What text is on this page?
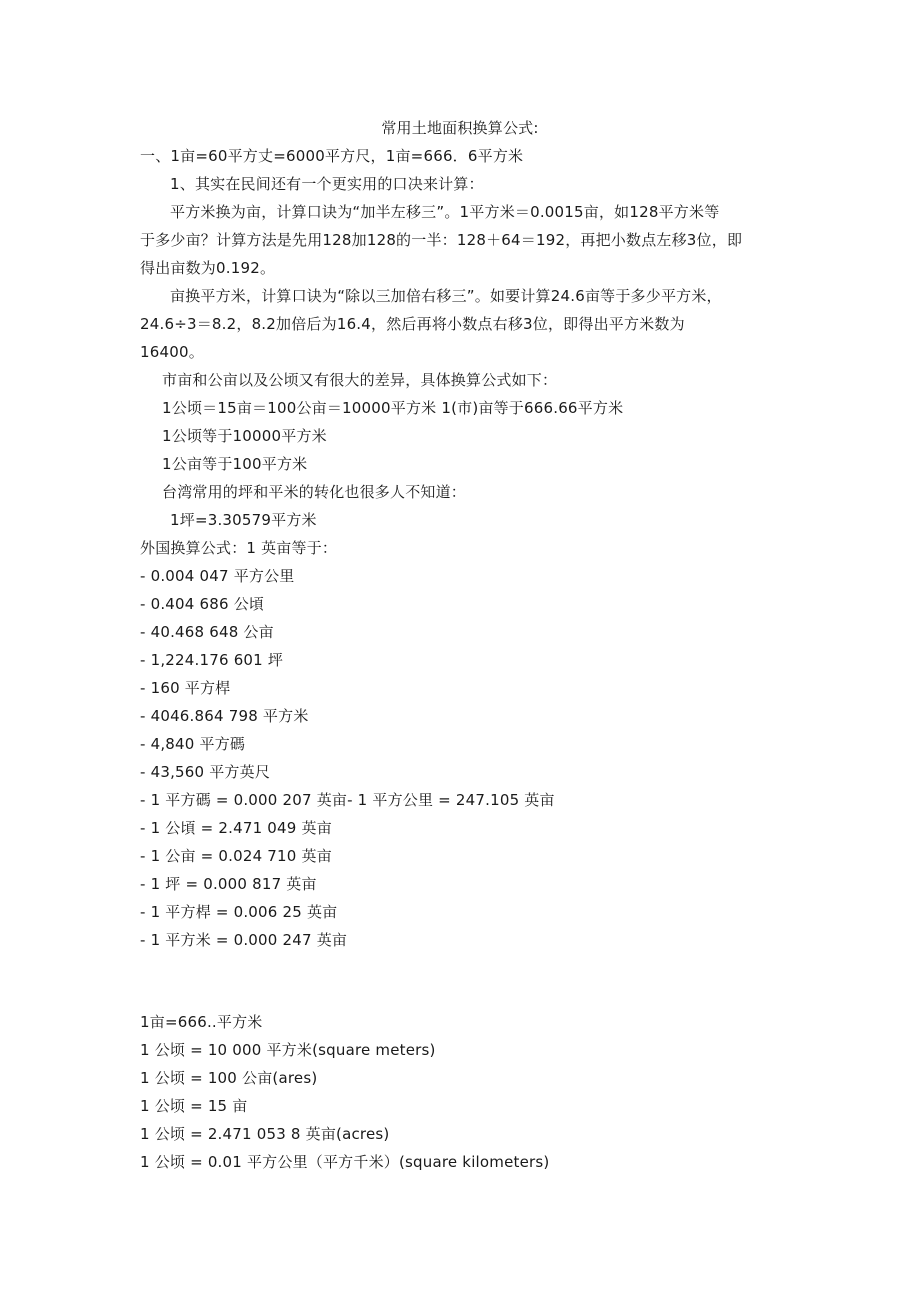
常用土地面积换算公式:
一、1亩=60平方丈=6000平方尺，1亩=666．6平方米
1、其实在民间还有一个更实用的口决来计算：
平方米换为亩，计算口诀为“加半左移三”。1平方米＝0.0015亩，如128平方米等
于多少亩？计算方法是先用128加128的一半：128＋64＝192，再把小数点左移3位，即
得出亩数为0.192。
亩换平方米，计算口诀为“除以三加倍右移三”。如要计算24.6亩等于多少平方米，
24.6÷3＝8.2，8.2加倍后为16.4，然后再将小数点右移3位，即得出平方米数为
16400。
市亩和公亩以及公顷又有很大的差异，具体换算公式如下：
1公顷＝15亩＝100公亩＝10000平方米 1(市)亩等于666.66平方米
1公顷等于10000平方米
1公亩等于100平方米
台湾常用的坪和平米的转化也很多人不知道：
1坪=3.30579平方米
外国换算公式：1 英亩等于：
- 0.004 047 平方公里
- 0.404 686 公頃
- 40.468 648 公亩
- 1,224.176 601 坪
- 160 平方桿
- 4046.864 798 平方米
- 4,840 平方碼
- 43,560 平方英尺
- 1 平方碼 = 0.000 207 英亩- 1 平方公里 = 247.105 英亩
- 1 公頃 = 2.471 049 英亩
- 1 公亩 = 0.024 710 英亩
- 1 坪 = 0.000 817 英亩
- 1 平方桿 = 0.006 25 英亩
- 1 平方米 = 0.000 247 英亩
1亩=666..平方米
1 公顷 = 10 000 平方米(square meters)
1 公顷 = 100 公亩(ares)
1 公顷 = 15 亩
1 公顷 = 2.471 053 8 英亩(acres)
1 公顷 = 0.01 平方公里（平方千米）(square kilometers)
